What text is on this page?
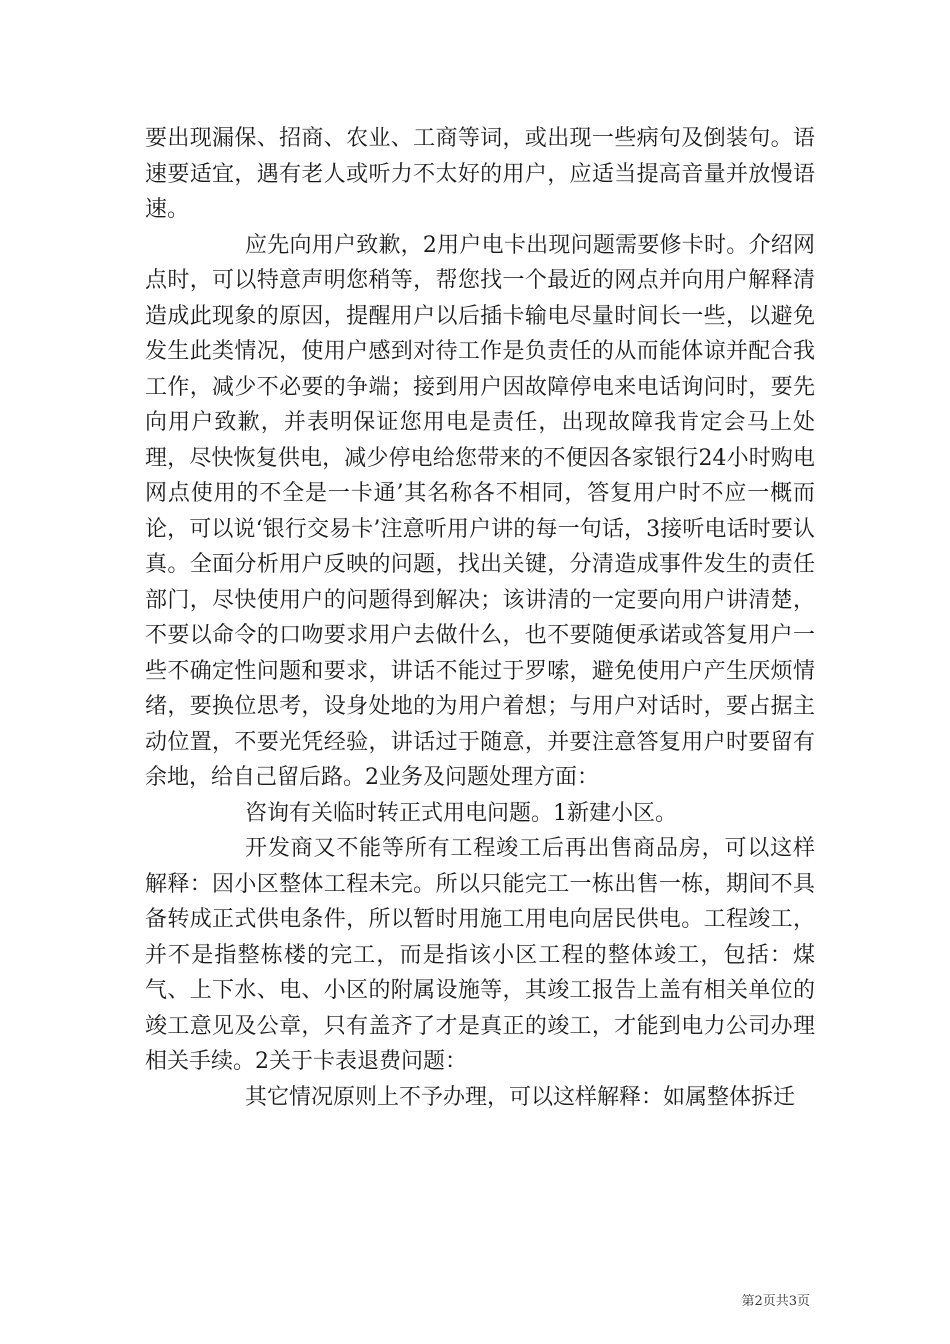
要出现漏保、招商、农业、工商等词，或出现一些病句及倒装句。语速要适宜，遇有老人或听力不太好的用户，应适当提高音量并放慢语速。

应先向用户致歉，2用户电卡出现问题需要修卡时。介绍网点时，可以特意声明您稍等，帮您找一个最近的网点并向用户解释清造成此现象的原因，提醒用户以后插卡输电尽量时间长一些，以避免发生此类情况，使用户感到对待工作是负责任的从而能体谅并配合我工作，减少不必要的争端；接到用户因故障停电来电话询问时，要先向用户致歉，并表明保证您用电是责任，出现故障我肯定会马上处理，尽快恢复供电，减少停电给您带来的不便因各家银行24小时购电网点使用的不全是一卡通’其名称各不相同，答复用户时不应一概而论，可以说‘银行交易卡’注意听用户讲的每一句话，3接听电话时要认真。全面分析用户反映的问题，找出关键，分清造成事件发生的责任部门，尽快使用户的问题得到解决；该讲清的一定要向用户讲清楚，不要以命令的口吻要求用户去做什么，也不要随便承诺或答复用户一些不确定性问题和要求，讲话不能过于罗嗦，避免使用户产生厌烦情绪，要换位思考，设身处地的为用户着想；与用户对话时，要占据主动位置，不要光凭经验，讲话过于随意，并要注意答复用户时要留有余地，给自己留后路。2业务及问题处理方面：

咨询有关临时转正式用电问题。1新建小区。

开发商又不能等所有工程竣工后再出售商品房，可以这样解释：因小区整体工程未完。所以只能完工一栋出售一栋，期间不具备转成正式供电条件，所以暂时用施工用电向居民供电。工程竣工，并不是指整栋楼的完工，而是指该小区工程的整体竣工，包括：煤气、上下水、电、小区的附属设施等，其竣工报告上盖有相关单位的竣工意见及公章，只有盖齐了才是真正的竣工，才能到电力公司办理相关手续。2关于卡表退费问题：

其它情况原则上不予办理，可以这样解释：如属整体拆迁

第2页共3页
